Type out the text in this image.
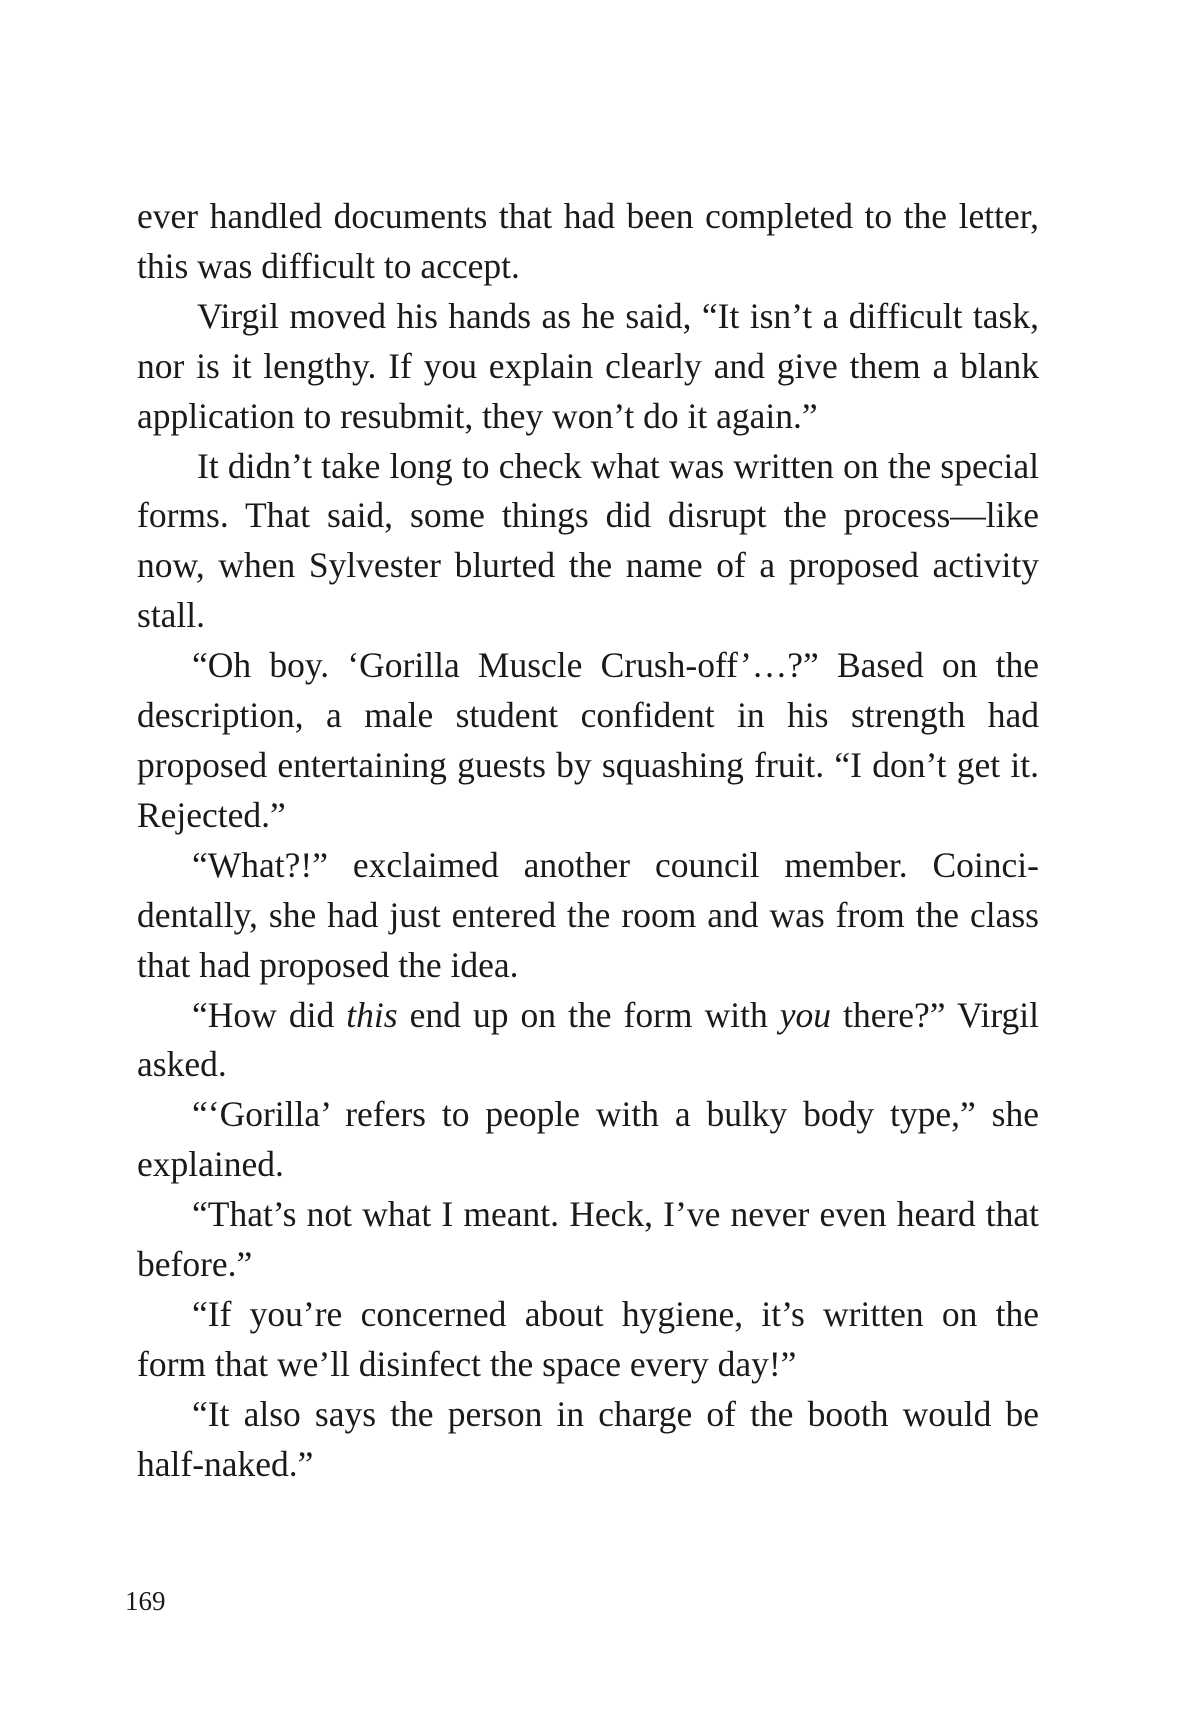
ever handled documents that had been completed to the letter, this was difficult to accept.

Virgil moved his hands as he said, “It isn’t a difficult task, nor is it lengthy. If you explain clearly and give them a blank application to resubmit, they won’t do it again.”

It didn’t take long to check what was written on the special forms. That said, some things did disrupt the process—like now, when Sylvester blurted the name of a proposed activity stall.

“Oh boy. ‘Gorilla Muscle Crush-off’…?” Based on the description, a male student confident in his strength had proposed entertaining guests by squashing fruit. “I don’t get it. Rejected.”

“What?!” exclaimed another council member. Coincidentally, she had just entered the room and was from the class that had proposed the idea.

“How did this end up on the form with you there?” Virgil asked.

“‘Gorilla’ refers to people with a bulky body type,” she explained.

“That’s not what I meant. Heck, I’ve never even heard that before.”

“If you’re concerned about hygiene, it’s written on the form that we’ll disinfect the space every day!”

“It also says the person in charge of the booth would be half-naked.”

169
